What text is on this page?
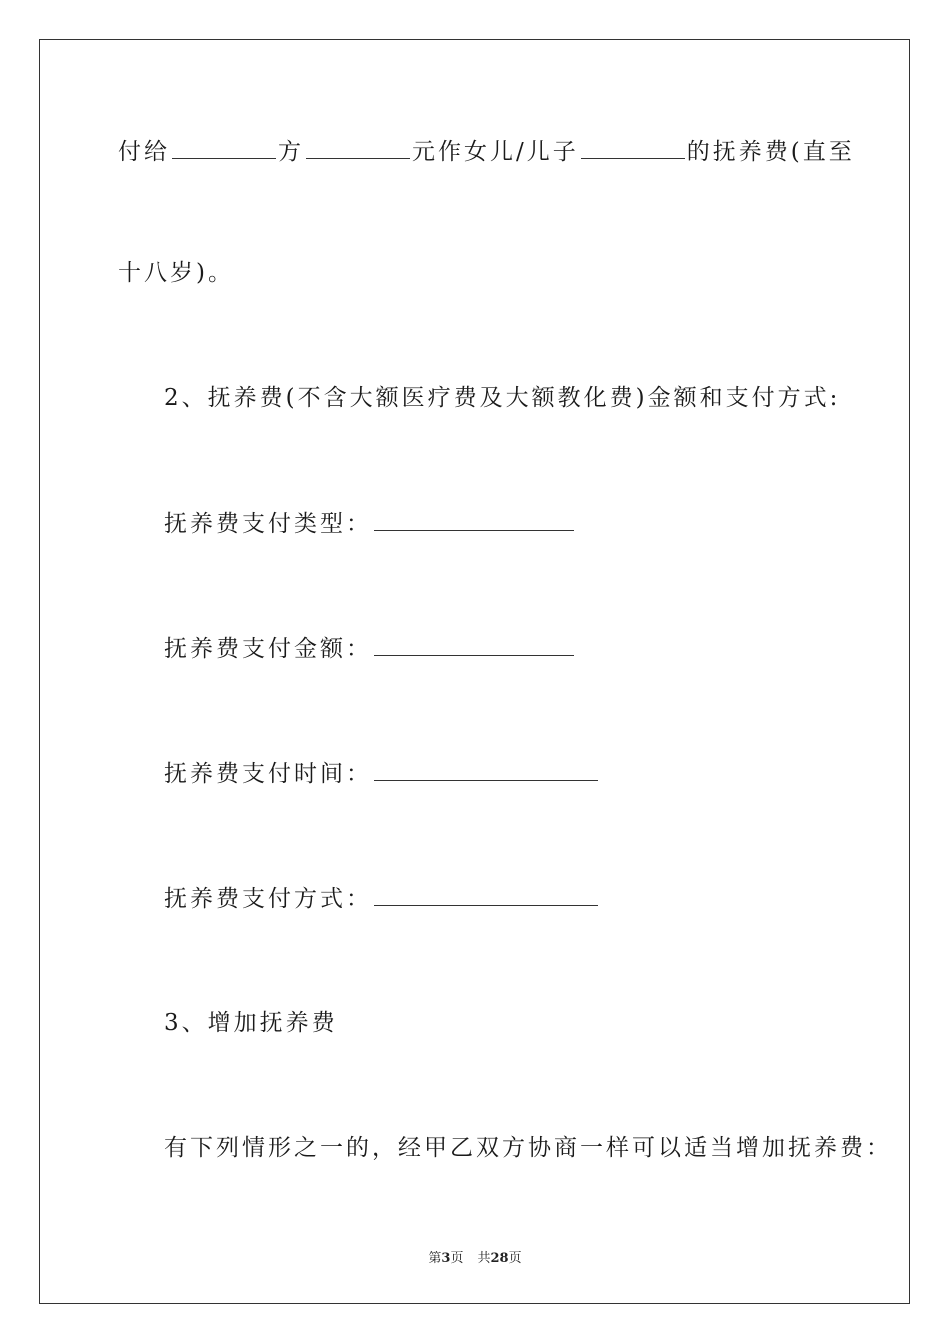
付给	方	元作女儿/儿子	的抚养费(直至
十八岁)。
2、抚养费(不含大额医疗费及大额教化费)金额和支付方式:
抚养费支付类型：
抚养费支付金额：
抚养费支付时间：
抚养费支付方式：
3、增加抚养费
有下列情形之一的，经甲乙双方协商一样可以适当增加抚养费：
第3页 共28页
